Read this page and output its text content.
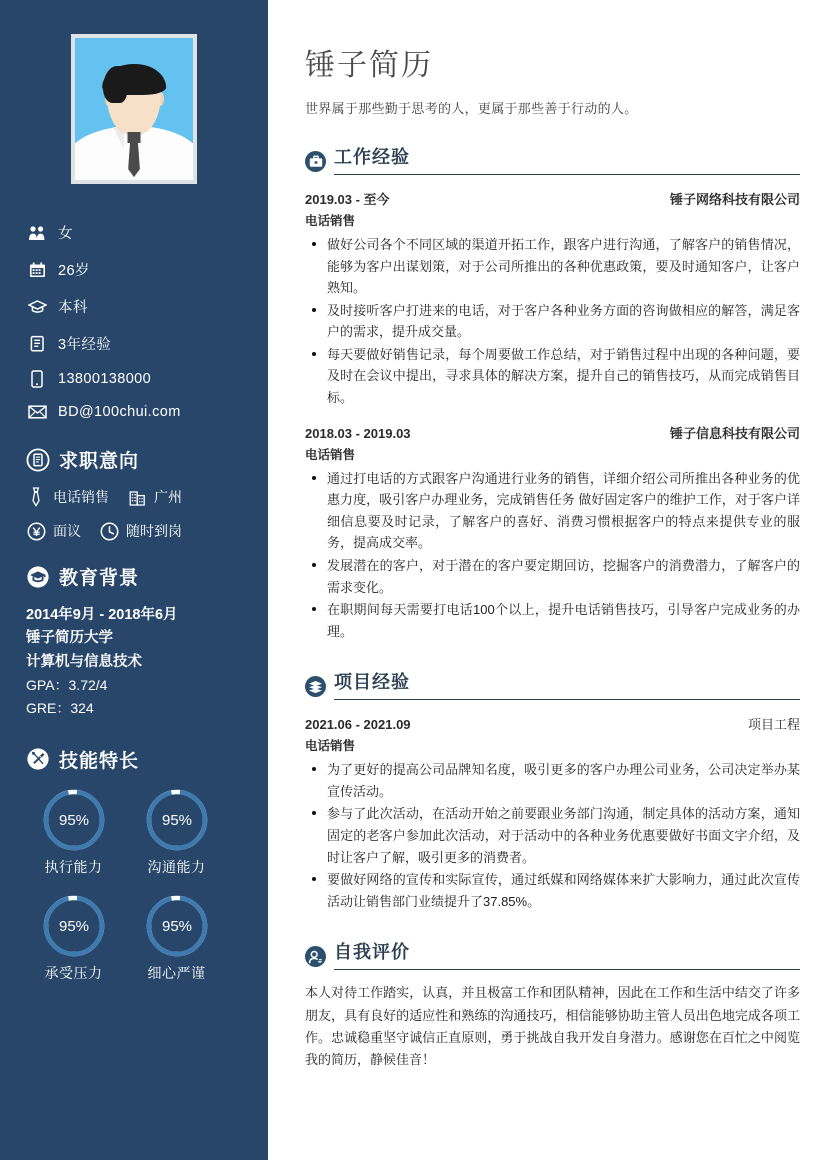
女
26岁
本科
3年经验
13800138000
BD@100chui.com
求职意向
电话销售	广州
面议	随时到岗
教育背景
2014年9月 - 2018年6月
锤子简历大学
计算机与信息技术
GPA：3.72/4
GRE：324
技能特长
95%
执行能力
95%
沟通能力
95%
承受压力
95%
细心严谨
锤子简历
世界属于那些勤于思考的人，更属于那些善于行动的人。
工作经验
2019.03 - 至今	锤子网络科技有限公司
电话销售
做好公司各个不同区域的渠道开拓工作，跟客户进行沟通，了解客户的销售情况，能够为客户出谋划策，对于公司所推出的各种优惠政策，要及时通知客户，让客户熟知。
及时接听客户打进来的电话，对于客户各种业务方面的咨询做相应的解答，满足客户的需求，提升成交量。
每天要做好销售记录，每个周要做工作总结，对于销售过程中出现的各种问题，要及时在会议中提出，寻求具体的解决方案，提升自己的销售技巧，从而完成销售目标。
2018.03 - 2019.03	锤子信息科技有限公司
电话销售
通过打电话的方式跟客户沟通进行业务的销售，详细介绍公司所推出各种业务的优惠力度，吸引客户办理业务，完成销售任务 做好固定客户的维护工作，对于客户详细信息要及时记录，了解客户的喜好、消费习惯根据客户的特点来提供专业的服务，提高成交率。
发展潜在的客户，对于潜在的客户要定期回访，挖掘客户的消费潜力，了解客户的需求变化。
在职期间每天需要打电话100个以上，提升电话销售技巧，引导客户完成业务的办理。
项目经验
2021.06 - 2021.09	项目工程
电话销售
为了更好的提高公司品牌知名度，吸引更多的客户办理公司业务，公司决定举办某宣传活动。
参与了此次活动，在活动开始之前要跟业务部门沟通，制定具体的活动方案，通知固定的老客户参加此次活动，对于活动中的各种业务优惠要做好书面文字介绍，及时让客户了解，吸引更多的消费者。
要做好网络的宣传和实际宣传，通过纸媒和网络媒体来扩大影响力，通过此次宣传活动让销售部门业绩提升了37.85%。
自我评价
本人对待工作踏实，认真，并且极富工作和团队精神，因此在工作和生活中结交了许多朋友，具有良好的适应性和熟练的沟通技巧，相信能够协助主管人员出色地完成各项工作。忠诚稳重坚守诚信正直原则，勇于挑战自我开发自身潜力。感谢您在百忙之中阅览我的简历，静候佳音！
